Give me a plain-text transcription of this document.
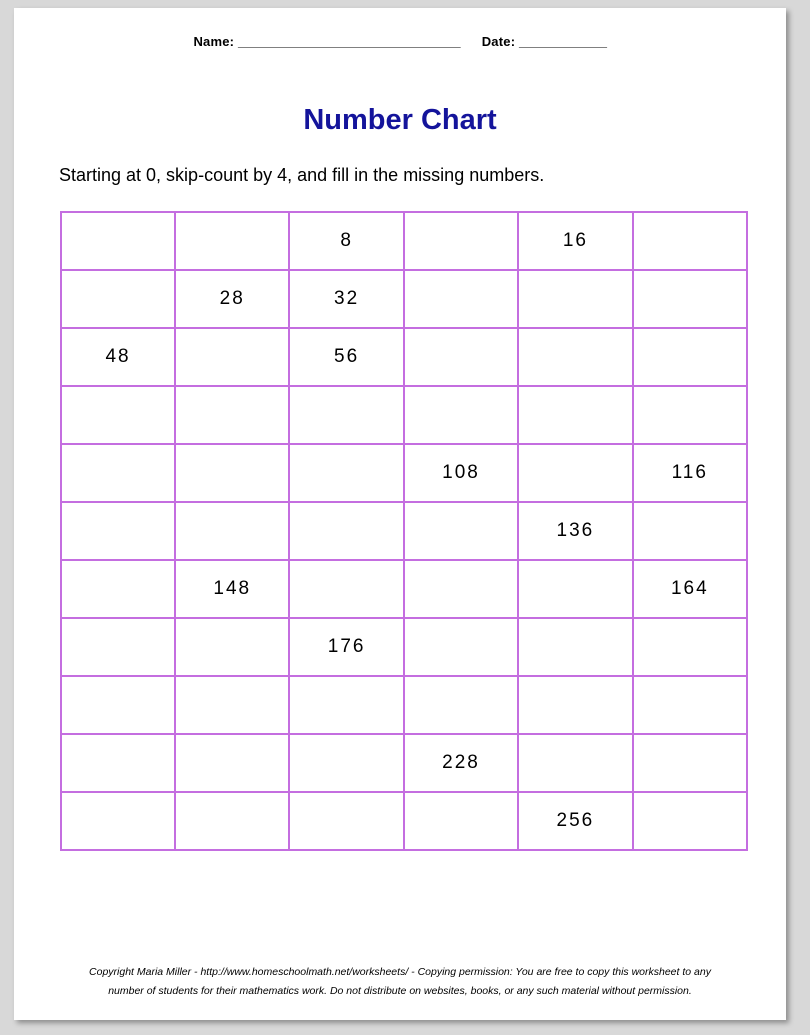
Name: _________________________________ Date: _____________
Number Chart
Starting at 0, skip-count by 4, and fill in the missing numbers.
		8		16	
	28	32			
48		56			

			108		116
				136	
	148				164
		176			

			228		
				256	
Copyright Maria Miller - http://www.homeschoolmath.net/worksheets/ - Copying permission: You are free to copy this worksheet to any
number of students for their mathematics work. Do not distribute on websites, books, or any such material without permission.
